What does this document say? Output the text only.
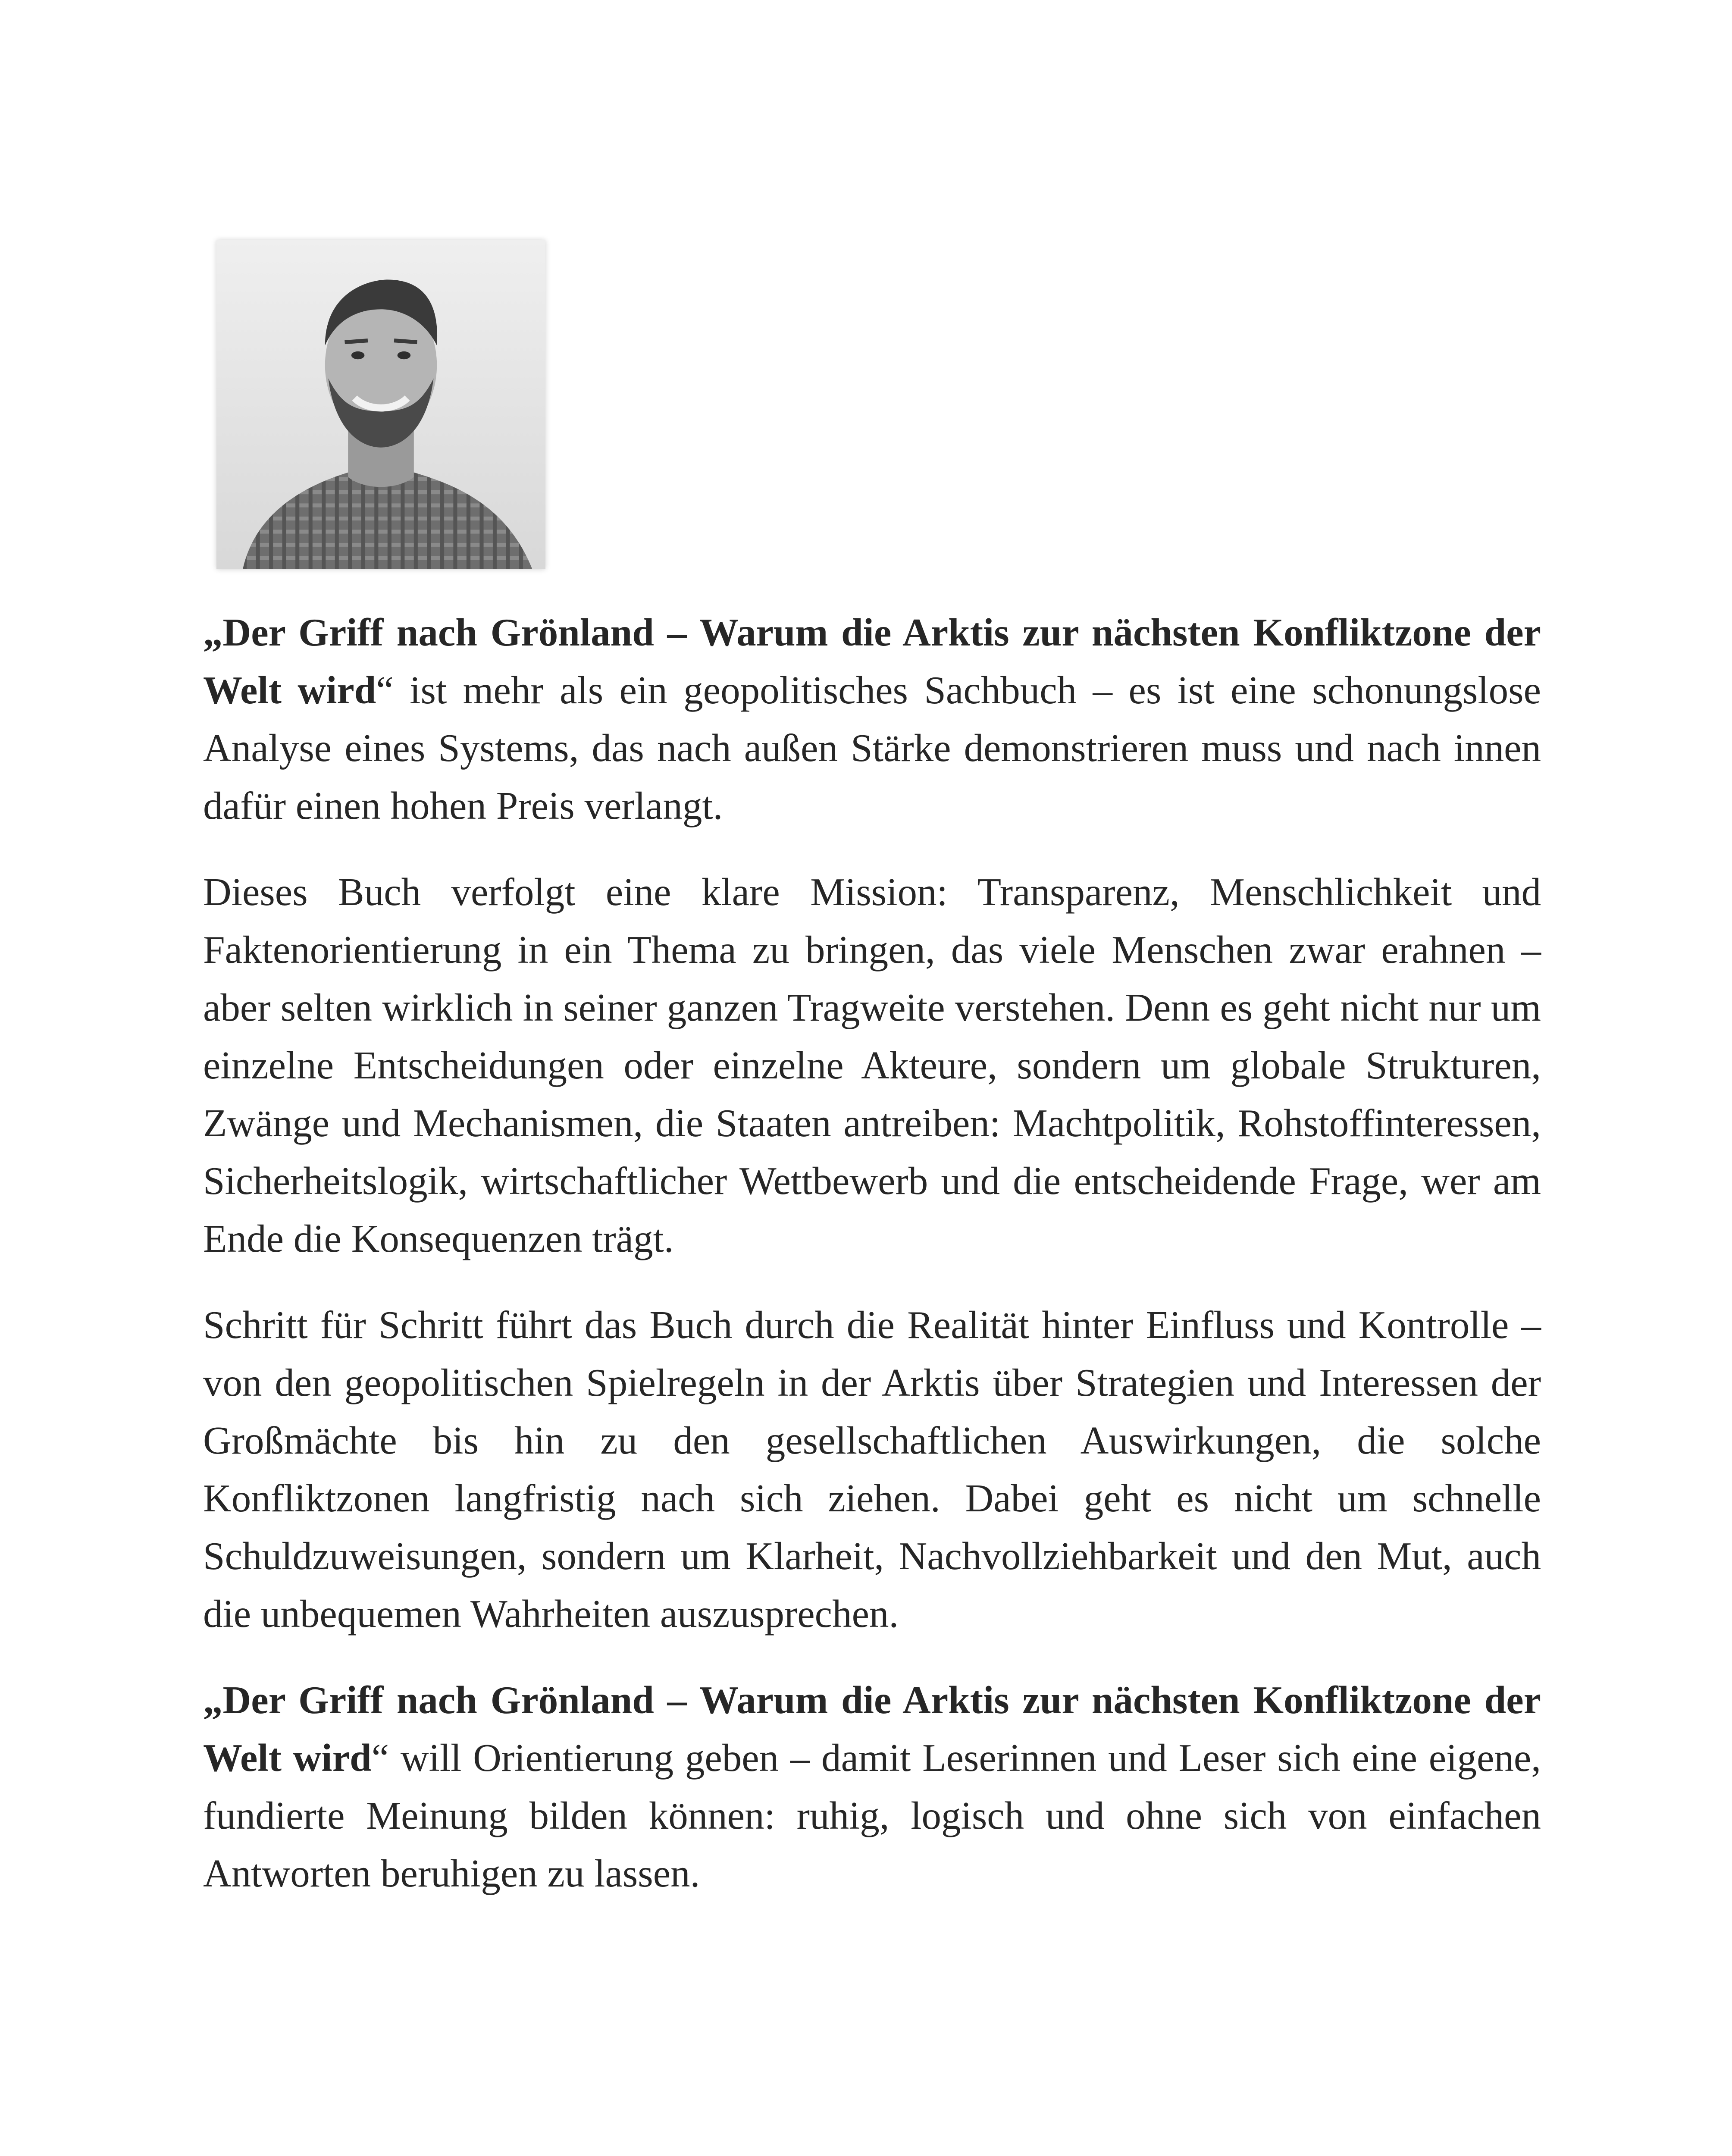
„Der Griff nach Grönland – Warum die Arktis zur nächsten Konfliktzone der Welt wird“ ist mehr als ein geopolitisches Sachbuch – es ist eine schonungslose Analyse eines Systems, das nach außen Stärke demonstrieren muss und nach innen dafür einen hohen Preis verlangt.

Dieses Buch verfolgt eine klare Mission: Transparenz, Menschlichkeit und Faktenorientierung in ein Thema zu bringen, das viele Menschen zwar erahnen – aber selten wirklich in seiner ganzen Tragweite verstehen. Denn es geht nicht nur um einzelne Entscheidungen oder einzelne Akteure, sondern um globale Strukturen, Zwänge und Mechanismen, die Staaten antreiben: Machtpolitik, Rohstoffinteressen, Sicherheitslogik, wirtschaftlicher Wettbewerb und die entscheidende Frage, wer am Ende die Konsequenzen trägt.

Schritt für Schritt führt das Buch durch die Realität hinter Einfluss und Kontrolle – von den geopolitischen Spielregeln in der Arktis über Strategien und Interessen der Großmächte bis hin zu den gesellschaftlichen Auswirkungen, die solche Konfliktzonen langfristig nach sich ziehen. Dabei geht es nicht um schnelle Schuldzuweisungen, sondern um Klarheit, Nachvollziehbarkeit und den Mut, auch die unbequemen Wahrheiten auszusprechen.

„Der Griff nach Grönland – Warum die Arktis zur nächsten Konfliktzone der Welt wird“ will Orientierung geben – damit Leserinnen und Leser sich eine eigene, fundierte Meinung bilden können: ruhig, logisch und ohne sich von einfachen Antworten beruhigen zu lassen.
